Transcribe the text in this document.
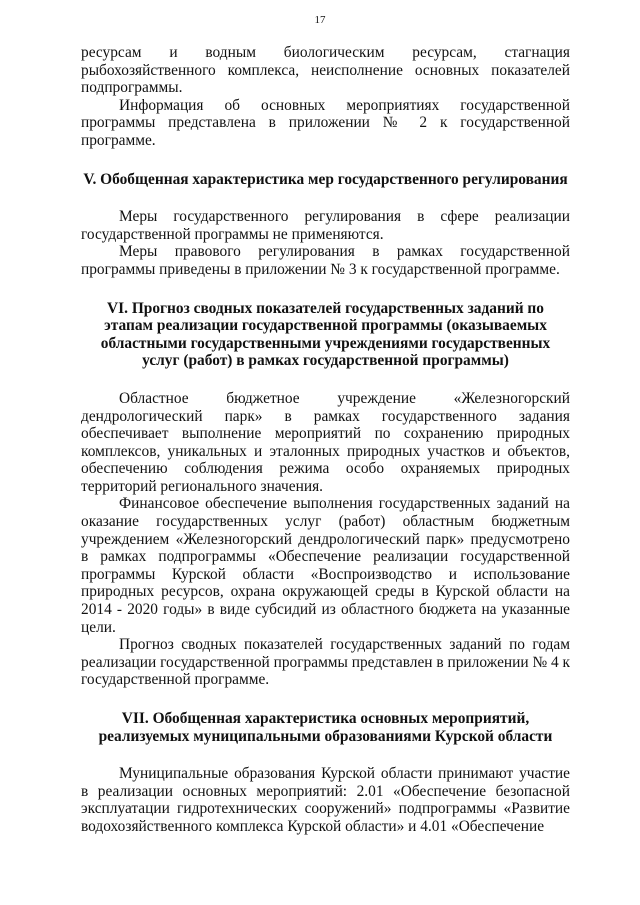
17

ресурсам и водным биологическим ресурсам, стагнация рыбохозяйственного комплекса, неисполнение основных показателей подпрограммы.

Информация об основных мероприятиях государственной программы представлена в приложении № 2 к государственной программе.

V. Обобщенная характеристика мер государственного регулирования

Меры государственного регулирования в сфере реализации государственной программы не применяются.

Меры правового регулирования в рамках государственной программы приведены в приложении № 3 к государственной программе.

VI. Прогноз сводных показателей государственных заданий по этапам реализации государственной программы (оказываемых областными государственными учреждениями государственных услуг (работ) в рамках государственной программы)

Областное бюджетное учреждение «Железногорский дендрологический парк» в рамках государственного задания обеспечивает выполнение мероприятий по сохранению природных комплексов, уникальных и эталонных природных участков и объектов, обеспечению соблюдения режима особо охраняемых природных территорий регионального значения.

Финансовое обеспечение выполнения государственных заданий на оказание государственных услуг (работ) областным бюджетным учреждением «Железногорский дендрологический парк» предусмотрено в рамках подпрограммы «Обеспечение реализации государственной программы Курской области «Воспроизводство и использование природных ресурсов, охрана окружающей среды в Курской области на 2014 - 2020 годы» в виде субсидий из областного бюджета на указанные цели.

Прогноз сводных показателей государственных заданий по годам реализации государственной программы представлен в приложении № 4 к государственной программе.

VII. Обобщенная характеристика основных мероприятий, реализуемых муниципальными образованиями Курской области

Муниципальные образования Курской области принимают участие в реализации основных мероприятий: 2.01 «Обеспечение безопасной эксплуатации гидротехнических сооружений» подпрограммы «Развитие водохозяйственного комплекса Курской области» и 4.01 «Обеспечение
